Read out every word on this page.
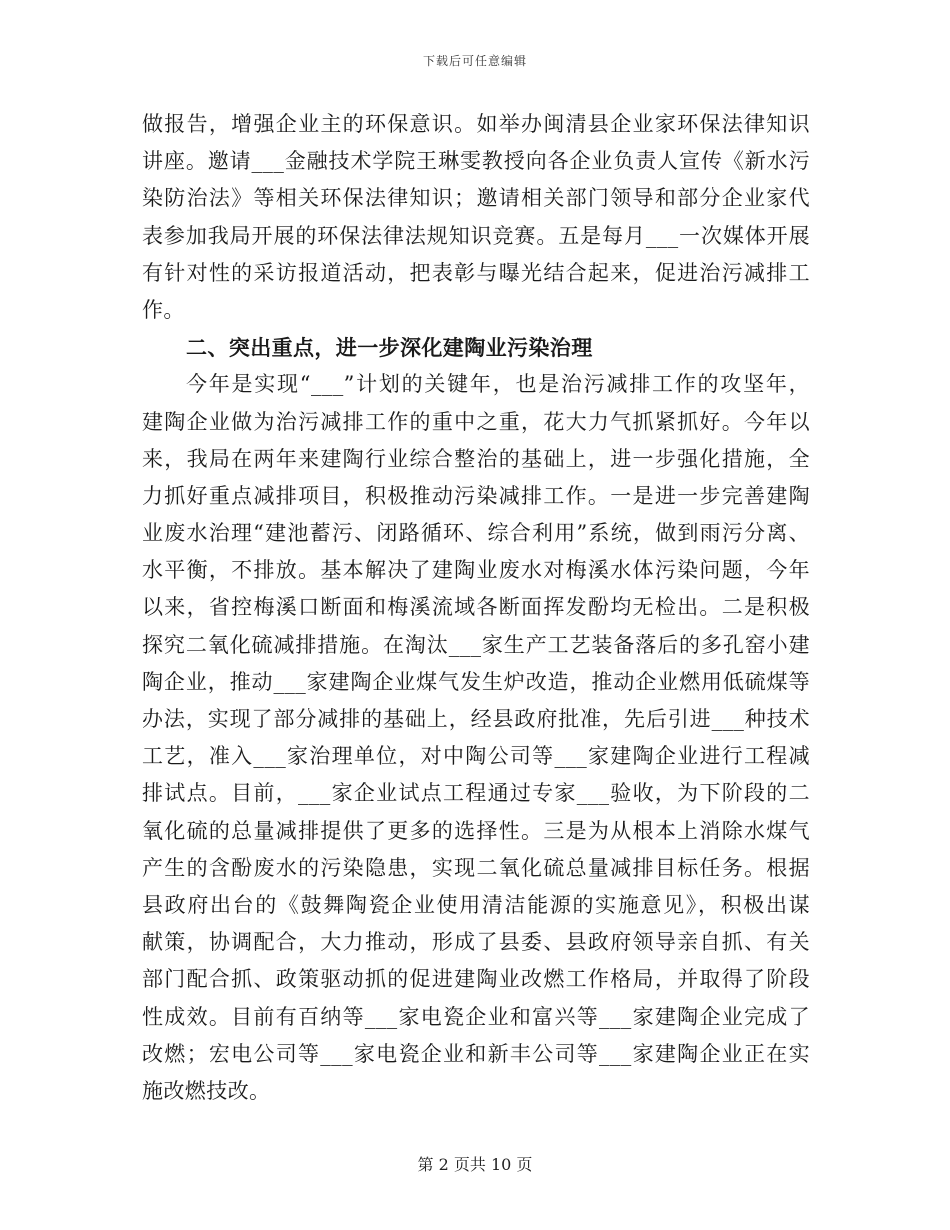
下载后可任意编辑
做报告，增强企业主的环保意识。如举办闽清县企业家环保法律知识
讲座。邀请___金融技术学院王琳雯教授向各企业负责人宣传《新水污
染防治法》等相关环保法律知识；邀请相关部门领导和部分企业家代
表参加我局开展的环保法律法规知识竞赛。五是每月___一次媒体开展
有针对性的采访报道活动，把表彰与曝光结合起来，促进治污减排工
作。
二、突出重点，进一步深化建陶业污染治理
今年是实现“___”计划的关键年，也是治污减排工作的攻坚年，
建陶企业做为治污减排工作的重中之重，花大力气抓紧抓好。今年以
来，我局在两年来建陶行业综合整治的基础上，进一步强化措施，全
力抓好重点减排项目，积极推动污染减排工作。一是进一步完善建陶
业废水治理“建池蓄污、闭路循环、综合利用”系统，做到雨污分离、
水平衡，不排放。基本解决了建陶业废水对梅溪水体污染问题，今年
以来，省控梅溪口断面和梅溪流域各断面挥发酚均无检出。二是积极
探究二氧化硫减排措施。在淘汰___家生产工艺装备落后的多孔窑小建
陶企业，推动___家建陶企业煤气发生炉改造，推动企业燃用低硫煤等
办法，实现了部分减排的基础上，经县政府批准，先后引进___种技术
工艺，准入___家治理单位，对中陶公司等___家建陶企业进行工程减
排试点。目前，___家企业试点工程通过专家___验收，为下阶段的二
氧化硫的总量减排提供了更多的选择性。三是为从根本上消除水煤气
产生的含酚废水的污染隐患，实现二氧化硫总量减排目标任务。根据
县政府出台的《鼓舞陶瓷企业使用清洁能源的实施意见》，积极出谋
献策，协调配合，大力推动，形成了县委、县政府领导亲自抓、有关
部门配合抓、政策驱动抓的促进建陶业改燃工作格局，并取得了阶段
性成效。目前有百纳等___家电瓷企业和富兴等___家建陶企业完成了
改燃；宏电公司等___家电瓷企业和新丰公司等___家建陶企业正在实
施改燃技改。
第 2 页共 10 页
